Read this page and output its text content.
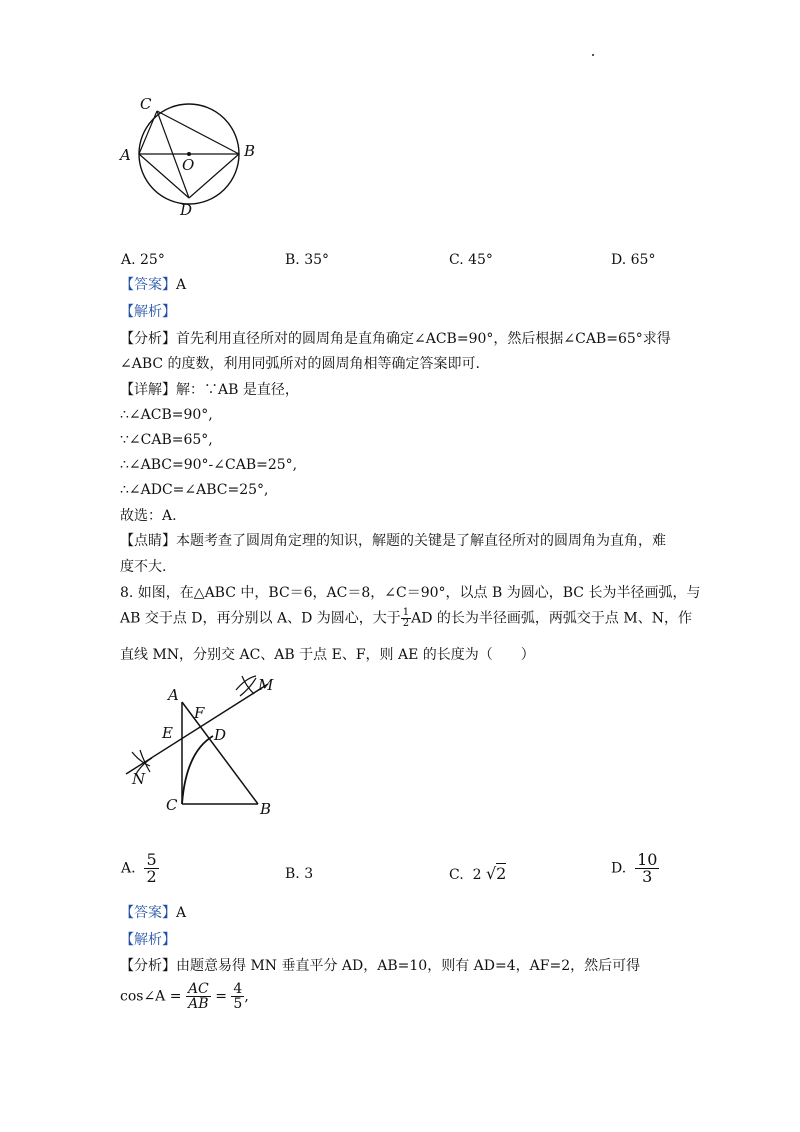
C
A
O
B
D
A. 25°	B. 35°	C. 45°	D. 65°
【答案】A
【解析】
【分析】首先利用直径所对的圆周角是直角确定∠ACB=90°，然后根据∠CAB=65°求得
∠ABC 的度数，利用同弧所对的圆周角相等确定答案即可.
【详解】解：∵AB 是直径，
∴∠ACB=90°,
∵∠CAB=65°,
∴∠ABC=90°-∠CAB=25°,
∴∠ADC=∠ABC=25°,
故选：A.
【点睛】本题考查了圆周角定理的知识，解题的关键是了解直径所对的圆周角为直角，难
度不大.
8. 如图，在△ABC 中，BC＝6，AC＝8，∠C＝90°，以点 B 为圆心，BC 长为半径画弧，与
AB 交于点 D，再分别以 A、D 为圆心，大于 $\frac{1}{2}$ AD 的长为半径画弧，两弧交于点 M、N，作
直线 MN，分别交 AC、AB 于点 E、F，则 AE 的长度为（　　）
A
M
F
E	D
N
C	B
A. $\frac{5}{2}$	B. 3	C. 2 √2	D. $\frac{10}{3}$
【答案】A
【解析】
【分析】由题意易得 MN 垂直平分 AD，AB=10，则有 AD=4，AF=2，然后可得
cos∠A = $\frac{AC}{AB} = \frac{4}{5}$ ,
